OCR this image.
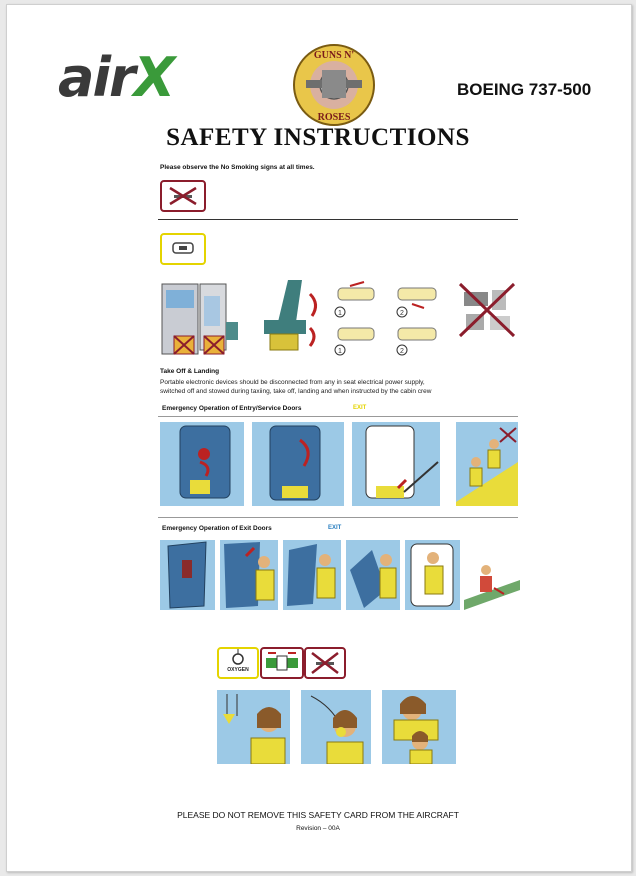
airX	GUNS N'
ROSES
BOEING 737-500
SAFETY INSTRUCTIONS
Please observe the No Smoking signs at all times.
1	2
1	2
Take Off & Landing
Portable electronic devices should be disconnected from any in seat electrical power supply,
switched off and stowed during taxiing, take off, landing and when instructed by the cabin crew
Emergency Operation of Entry/Service Doors	EXIT
Emergency Operation of Exit Doors	EXIT
OXYGEN
PLEASE DO NOT REMOVE THIS SAFETY CARD FROM THE AIRCRAFT
Revision – 00A
